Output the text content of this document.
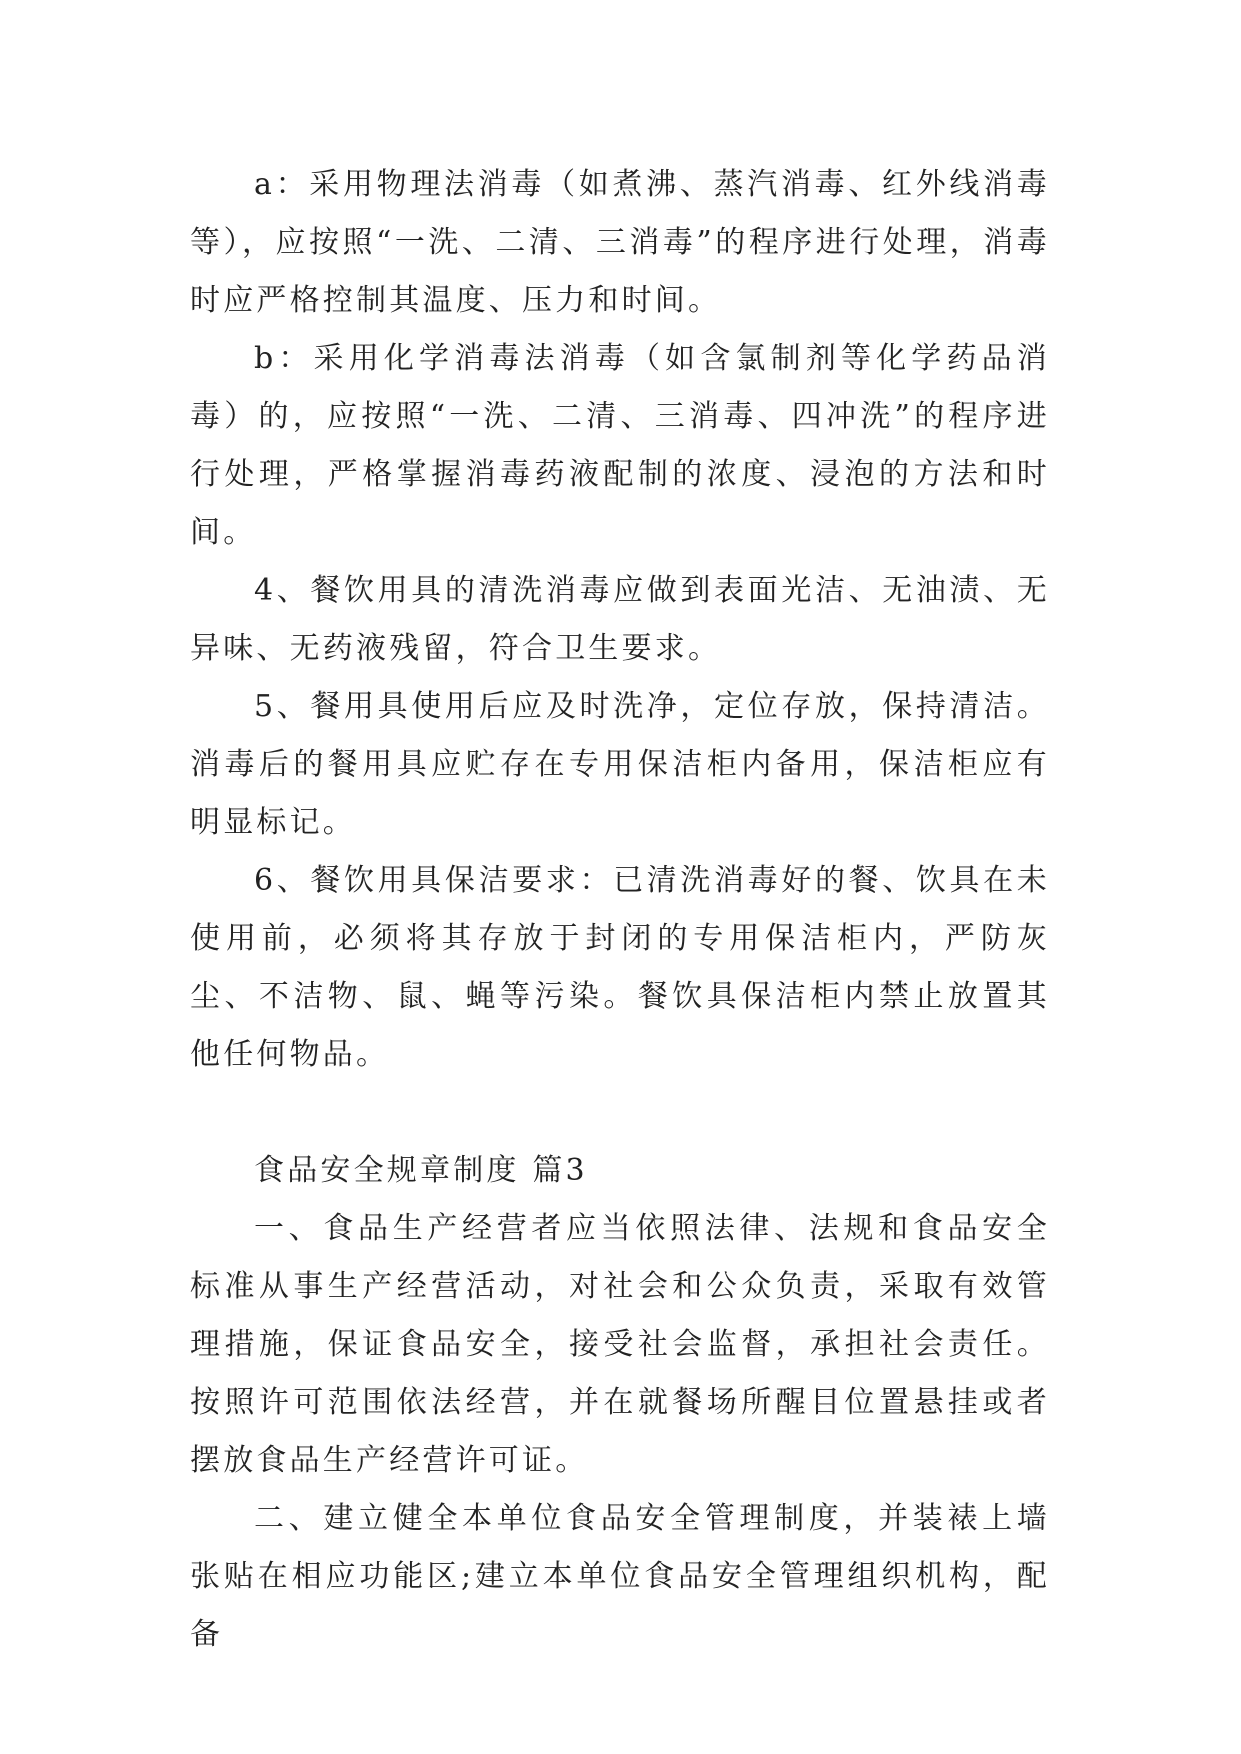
a：采用物理法消毒（如煮沸、蒸汽消毒、红外线消毒等），应按照“一洗、二清、三消毒”的程序进行处理，消毒时应严格控制其温度、压力和时间。

b：采用化学消毒法消毒（如含氯制剂等化学药品消毒）的，应按照“一洗、二清、三消毒、四冲洗”的程序进行处理，严格掌握消毒药液配制的浓度、浸泡的方法和时间。

4、餐饮用具的清洗消毒应做到表面光洁、无油渍、无异味、无药液残留，符合卫生要求。

5、餐用具使用后应及时洗净，定位存放，保持清洁。消毒后的餐用具应贮存在专用保洁柜内备用，保洁柜应有明显标记。

6、餐饮用具保洁要求：已清洗消毒好的餐、饮具在未使用前，必须将其存放于封闭的专用保洁柜内，严防灰尘、不洁物、鼠、蝇等污染。餐饮具保洁柜内禁止放置其他任何物品。

食品安全规章制度 篇3

一、食品生产经营者应当依照法律、法规和食品安全标准从事生产经营活动，对社会和公众负责，采取有效管理措施，保证食品安全，接受社会监督，承担社会责任。按照许可范围依法经营，并在就餐场所醒目位置悬挂或者摆放食品生产经营许可证。

二、建立健全本单位食品安全管理制度，并装裱上墙张贴在相应功能区;建立本单位食品安全管理组织机构，配备
